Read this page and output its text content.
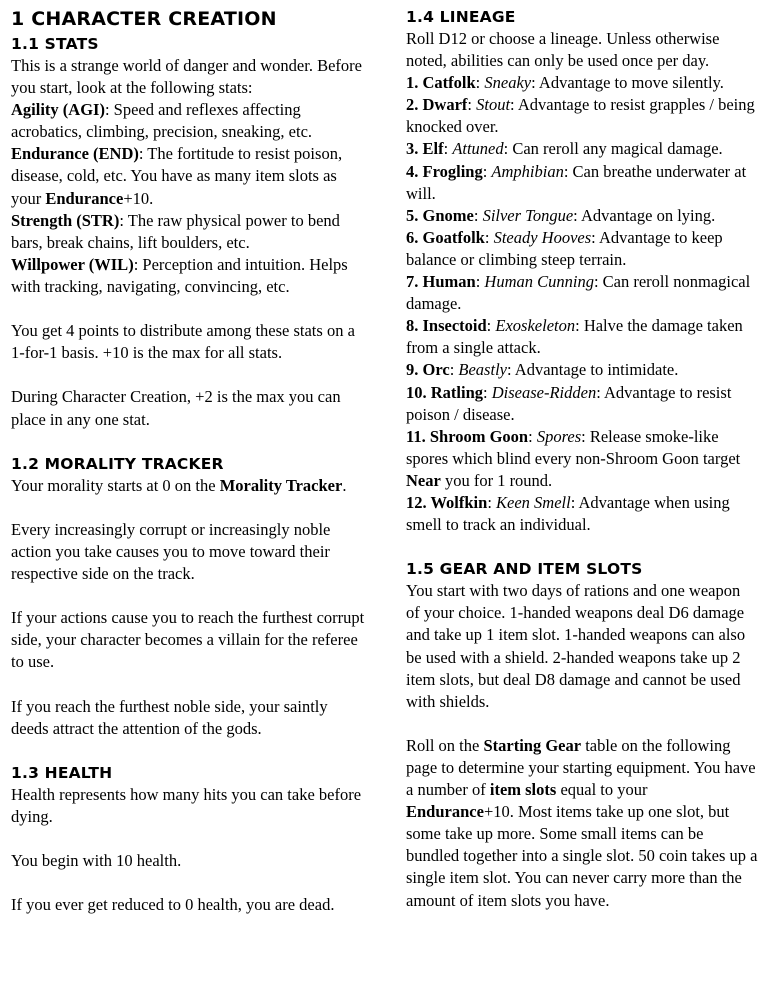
1 CHARACTER CREATION
1.1 STATS

This is a strange world of danger and wonder. Before you start, look at the following stats:

Agility (AGI): Speed and reflexes affecting acrobatics, climbing, precision, sneaking, etc.

Endurance (END): The fortitude to resist poison, disease, cold, etc. You have as many item slots as your Endurance+10.

Strength (STR): The raw physical power to bend bars, break chains, lift boulders, etc.

Willpower (WIL): Perception and intuition. Helps with tracking, navigating, convincing, etc.

You get 4 points to distribute among these stats on a 1-for-1 basis. +10 is the max for all stats.

During Character Creation, +2 is the max you can place in any one stat.

1.2 MORALITY TRACKER

Your morality starts at 0 on the Morality Tracker.

Every increasingly corrupt or increasingly noble action you take causes you to move toward their respective side on the track.

If your actions cause you to reach the furthest corrupt side, your character becomes a villain for the referee to use.

If you reach the furthest noble side, your saintly deeds attract the attention of the gods.

1.3 HEALTH

Health represents how many hits you can take before dying.

You begin with 10 health.

If you ever get reduced to 0 health, you are dead.

1.4 LINEAGE

Roll D12 or choose a lineage. Unless otherwise noted, abilities can only be used once per day.

1. Catfolk: Sneaky: Advantage to move silently.

2. Dwarf: Stout: Advantage to resist grapples / being knocked over.

3. Elf: Attuned: Can reroll any magical damage.

4. Frogling: Amphibian: Can breathe underwater at will.

5. Gnome: Silver Tongue: Advantage on lying.

6. Goatfolk: Steady Hooves: Advantage to keep balance or climbing steep terrain.

7. Human: Human Cunning: Can reroll nonmagical damage.

8. Insectoid: Exoskeleton: Halve the damage taken from a single attack.

9. Orc: Beastly: Advantage to intimidate.

10. Ratling: Disease-Ridden: Advantage to resist poison / disease.

11. Shroom Goon: Spores: Release smoke-like spores which blind every non-Shroom Goon target Near you for 1 round.

12. Wolfkin: Keen Smell: Advantage when using smell to track an individual.

1.5 GEAR AND ITEM SLOTS

You start with two days of rations and one weapon of your choice. 1-handed weapons deal D6 damage and take up 1 item slot. 1-handed weapons can also be used with a shield. 2-handed weapons take up 2 item slots, but deal D8 damage and cannot be used with shields.

Roll on the Starting Gear table on the following page to determine your starting equipment. You have a number of item slots equal to your Endurance+10. Most items take up one slot, but some take up more. Some small items can be bundled together into a single slot. 50 coin takes up a single item slot. You can never carry more than the amount of item slots you have.
